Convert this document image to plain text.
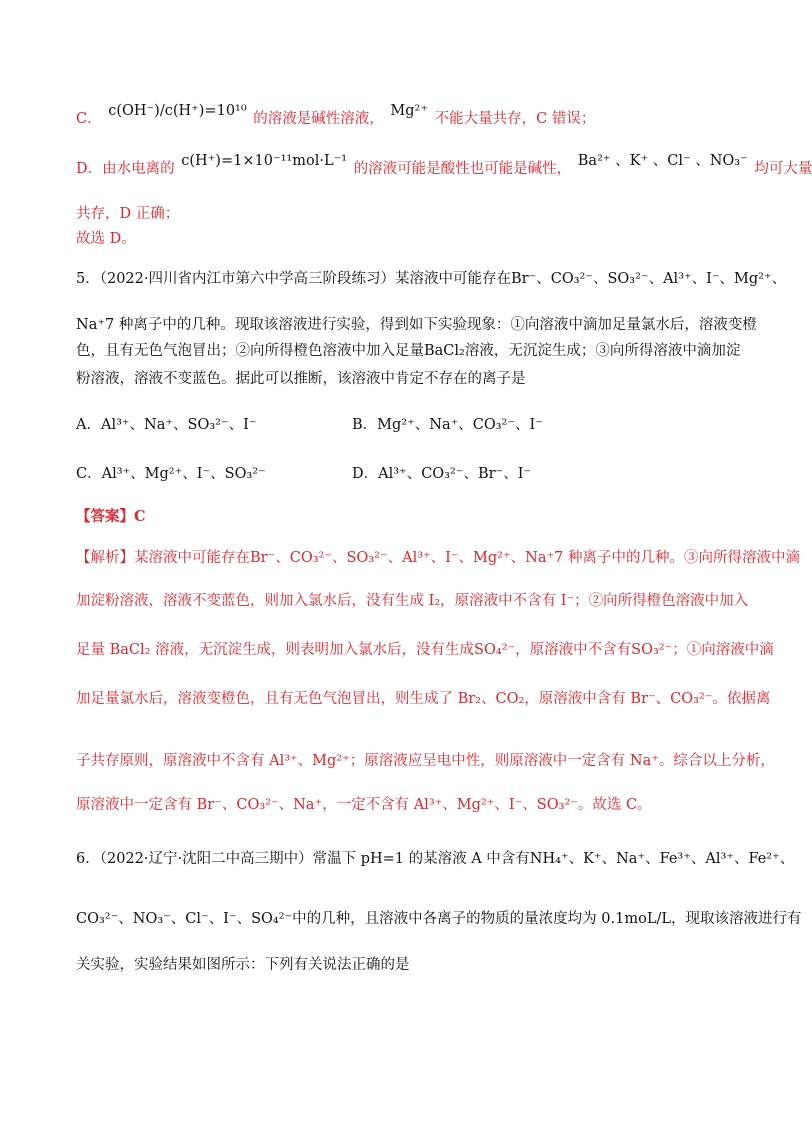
C． c(OH⁻)/c(H⁺)=10¹⁰ 的溶液是碱性溶液， Mg²⁺ 不能大量共存，C 错误；
D．由水电离的 c(H⁺)=1×10⁻¹¹mol·L⁻¹ 的溶液可能是酸性也可能是碱性， Ba²⁺ 、K⁺ 、Cl⁻ 、NO₃⁻ 均可大量
共存，D 正确；
故选 D。
5．（2022·四川省内江市第六中学高三阶段练习）某溶液中可能存在Br⁻、CO₃²⁻、SO₃²⁻、Al³⁺、I⁻、Mg²⁺、
Na⁺7 种离子中的几种。现取该溶液进行实验，得到如下实验现象：①向溶液中滴加足量氯水后，溶液变橙
色，且有无色气泡冒出；②向所得橙色溶液中加入足量BaCl₂溶液，无沉淀生成；③向所得溶液中滴加淀
粉溶液，溶液不变蓝色。据此可以推断，该溶液中肯定不存在的离子是
A．Al³⁺、Na⁺、SO₃²⁻、I⁻	B．Mg²⁺、Na⁺、CO₃²⁻、I⁻
C．Al³⁺、Mg²⁺、I⁻、SO₃²⁻	D．Al³⁺、CO₃²⁻、Br⁻、I⁻
【答案】C
【解析】某溶液中可能存在Br⁻、CO₃²⁻、SO₃²⁻、Al³⁺、I⁻、Mg²⁺、Na⁺7 种离子中的几种。③向所得溶液中滴
加淀粉溶液，溶液不变蓝色，则加入氯水后，没有生成 I₂，原溶液中不含有 I⁻；②向所得橙色溶液中加入
足量 BaCl₂ 溶液，无沉淀生成，则表明加入氯水后，没有生成SO₄²⁻，原溶液中不含有SO₃²⁻；①向溶液中滴
加足量氯水后，溶液变橙色，且有无色气泡冒出，则生成了 Br₂、CO₂，原溶液中含有 Br⁻、CO₃²⁻。依据离
子共存原则，原溶液中不含有 Al³⁺、Mg²⁺；原溶液应呈电中性，则原溶液中一定含有 Na⁺。综合以上分析，
原溶液中一定含有 Br⁻、CO₃²⁻、Na⁺，一定不含有 Al³⁺、Mg²⁺、I⁻、SO₃²⁻。故选 C。
6．（2022·辽宁·沈阳二中高三期中）常温下 pH=1 的某溶液 A 中含有NH₄⁺、K⁺、Na⁺、Fe³⁺、Al³⁺、Fe²⁺、
CO₃²⁻、NO₃⁻、Cl⁻、I⁻、SO₄²⁻中的几种，且溶液中各离子的物质的量浓度均为 0.1moL/L，现取该溶液进行有
关实验，实验结果如图所示：下列有关说法正确的是
